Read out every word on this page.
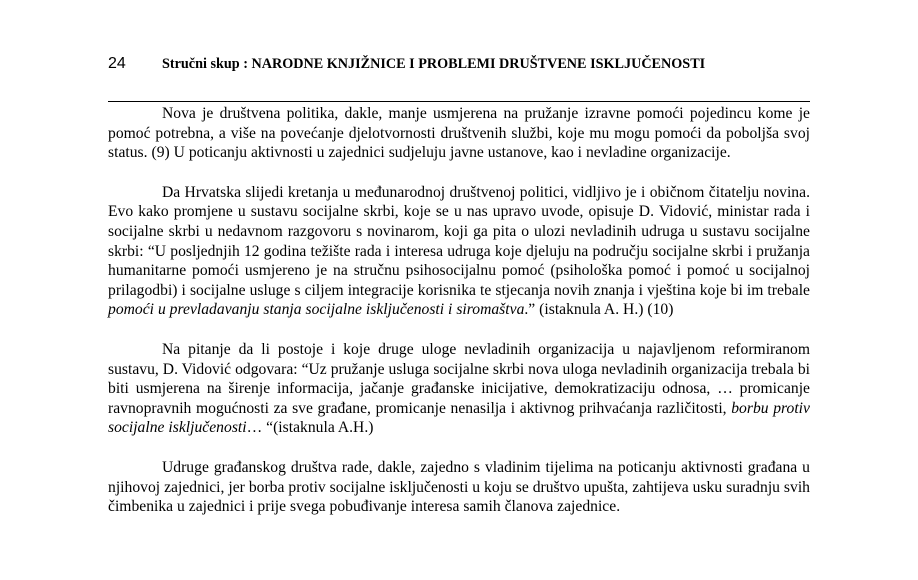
24	Stručni skup : NARODNE KNJIŽNICE I PROBLEMI DRUŠTVENE ISKLJUČENOSTI

Nova je društvena politika, dakle, manje usmjerena na pružanje izravne pomoći pojedincu kome je pomoć potrebna, a više na povećanje djelotvornosti društvenih službi, koje mu mogu pomoći da poboljša svoj status. (9) U poticanju aktivnosti u zajednici sudjeluju javne ustanove, kao i nevladine organizacije.

Da Hrvatska slijedi kretanja u međunarodnoj društvenoj politici, vidljivo je i običnom čitatelju novina. Evo kako promjene u sustavu socijalne skrbi, koje se u nas upravo uvode, opisuje D. Vidović, ministar rada i socijalne skrbi u nedavnom razgovoru s novinarom, koji ga pita o ulozi nevladinih udruga u sustavu socijalne skrbi: “U posljednjih 12 godina težište rada i interesa udruga koje djeluju na području socijalne skrbi i pružanja humanitarne pomoći usmjereno je na stručnu psihosocijalnu pomoć (psihološka pomoć i pomoć u socijalnoj prilagodbi) i socijalne usluge s ciljem integracije korisnika te stjecanja novih znanja i vještina koje bi im trebale pomoći u prevladavanju stanja socijalne isključenosti i siromaštva.” (istaknula A. H.) (10)

Na pitanje da li postoje i koje druge uloge nevladinih organizacija u najavljenom reformiranom sustavu, D. Vidović odgovara: “Uz pružanje usluga socijalne skrbi nova uloga nevladinih organizacija trebala bi biti usmjerena na širenje informacija, jačanje građanske inicijative, demokratizaciju odnosa, … promicanje ravnopravnih mogućnosti za sve građane, promicanje nenasilja i aktivnog prihvaćanja različitosti, borbu protiv socijalne isključenosti… “(istaknula A.H.)

Udruge građanskog društva rade, dakle, zajedno s vladinim tijelima na poticanju aktivnosti građana u njihovoj zajednici, jer borba protiv socijalne isključenosti u koju se društvo upušta, zahtijeva usku suradnju svih čimbenika u zajednici i prije svega pobuđivanje interesa samih članova zajednice.
